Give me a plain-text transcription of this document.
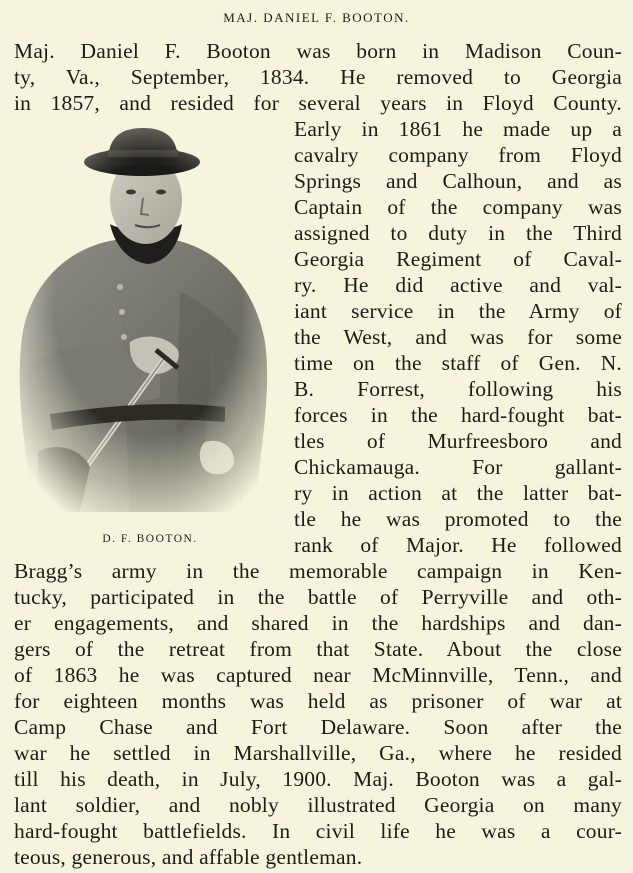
MAJ. DANIEL F. BOOTON.
Maj. Daniel F. Booton was born in Madison Coun-
ty, Va., September, 1834. He removed to Georgia
in 1857, and resided for several years in Floyd County.
Early in 1861 he made up a
cavalry company from Floyd
Springs and Calhoun, and as
Captain of the company was
assigned to duty in the Third
Georgia Regiment of Caval-
ry. He did active and val-
iant service in the Army of
the West, and was for some
time on the staff of Gen. N.
B. Forrest, following his
forces in the hard-fought bat-
tles of Murfreesboro and
Chickamauga. For gallant-
ry in action at the latter bat-
tle he was promoted to the
rank of Major. He followed
Bragg’s army in the memorable campaign in Ken-
tucky, participated in the battle of Perryville and oth-
er engagements, and shared in the hardships and dan-
gers of the retreat from that State. About the close
of 1863 he was captured near McMinnville, Tenn., and
for eighteen months was held as prisoner of war at
Camp Chase and Fort Delaware. Soon after the
war he settled in Marshallville, Ga., where he resided
till his death, in July, 1900. Maj. Booton was a gal-
lant soldier, and nobly illustrated Georgia on many
hard-fought battlefields. In civil life he was a cour-
teous, generous, and affable gentleman.
D. F. BOOTON.
